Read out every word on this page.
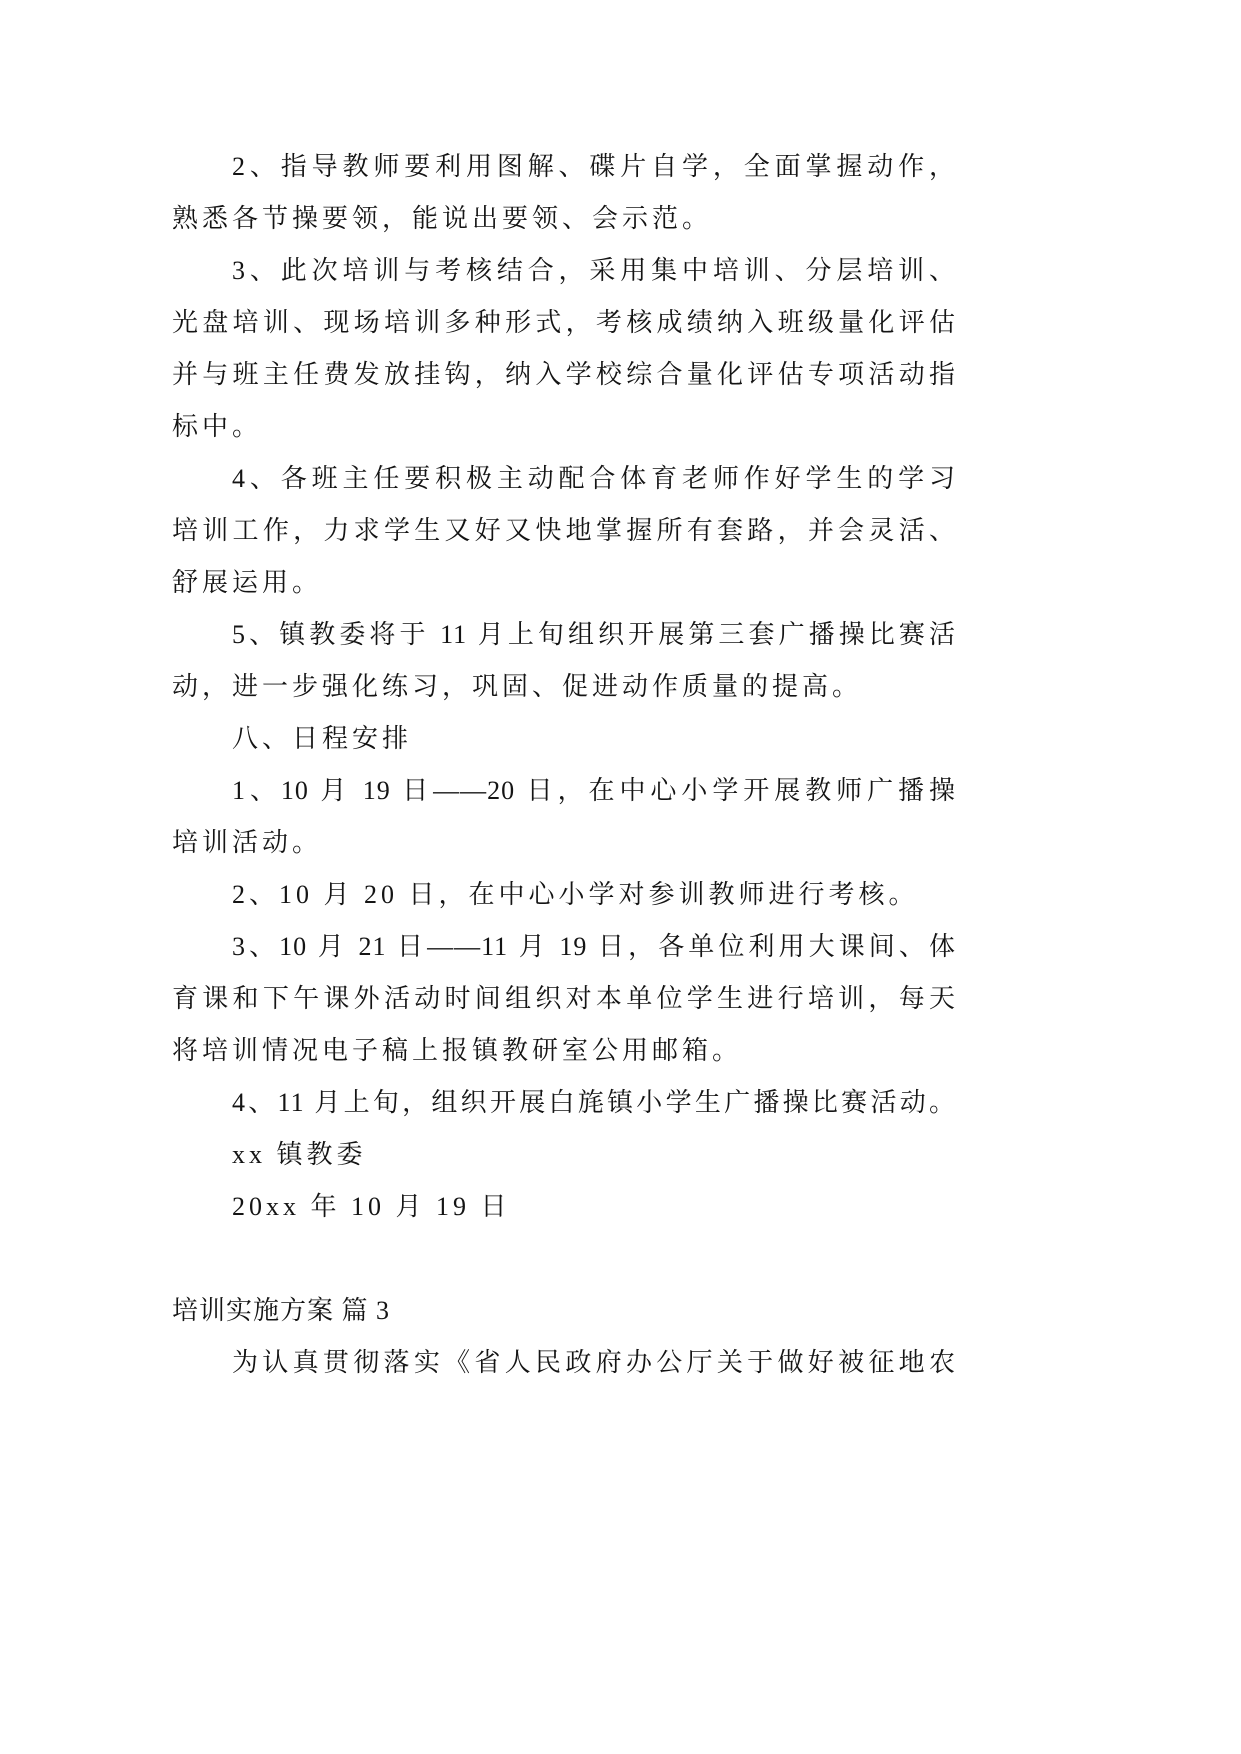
2、指导教师要利用图解、碟片自学，全面掌握动作，
熟悉各节操要领，能说出要领、会示范。
3、此次培训与考核结合，采用集中培训、分层培训、
光盘培训、现场培训多种形式，考核成绩纳入班级量化评估
并与班主任费发放挂钩，纳入学校综合量化评估专项活动指
标中。
4、各班主任要积极主动配合体育老师作好学生的学习
培训工作，力求学生又好又快地掌握所有套路，并会灵活、
舒展运用。
5、镇教委将于 11 月上旬组织开展第三套广播操比赛活
动，进一步强化练习，巩固、促进动作质量的提高。
八、日程安排
1、10 月 19 日——20 日，在中心小学开展教师广播操
培训活动。
2、10 月 20 日，在中心小学对参训教师进行考核。
3、10 月 21 日——11 月 19 日，各单位利用大课间、体
育课和下午课外活动时间组织对本单位学生进行培训，每天
将培训情况电子稿上报镇教研室公用邮箱。
4、11 月上旬，组织开展白旄镇小学生广播操比赛活动。
xx 镇教委
20xx 年 10 月 19 日
培训实施方案 篇 3
为认真贯彻落实《省人民政府办公厅关于做好被征地农
